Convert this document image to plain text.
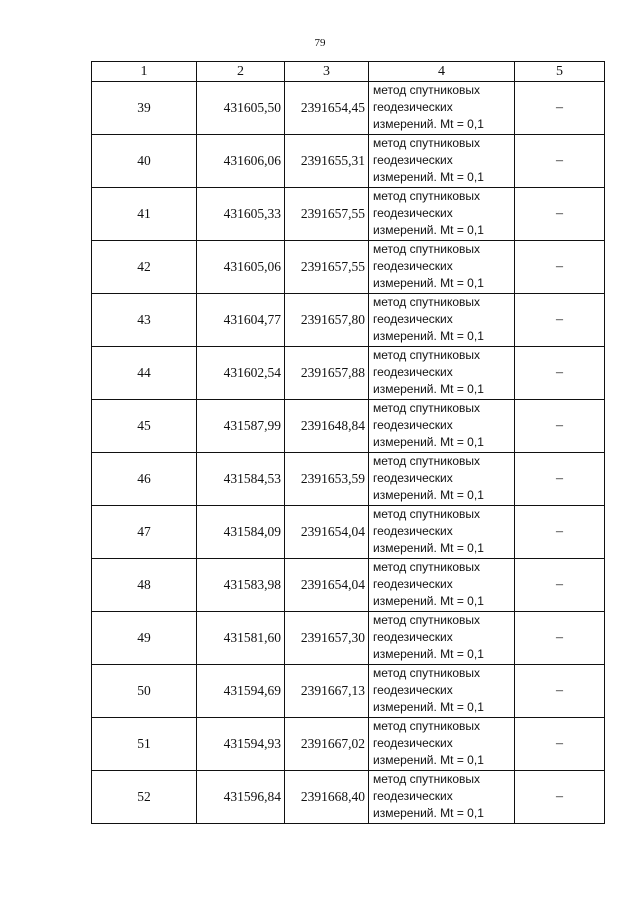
79
1	2	3	4	5
39	431605,50	2391654,45	метод спутниковых
геодезических
измерений. Mt = 0,1	–
40	431606,06	2391655,31	метод спутниковых
геодезических
измерений. Mt = 0,1	–
41	431605,33	2391657,55	метод спутниковых
геодезических
измерений. Mt = 0,1	–
42	431605,06	2391657,55	метод спутниковых
геодезических
измерений. Mt = 0,1	–
43	431604,77	2391657,80	метод спутниковых
геодезических
измерений. Mt = 0,1	–
44	431602,54	2391657,88	метод спутниковых
геодезических
измерений. Mt = 0,1	–
45	431587,99	2391648,84	метод спутниковых
геодезических
измерений. Mt = 0,1	–
46	431584,53	2391653,59	метод спутниковых
геодезических
измерений. Mt = 0,1	–
47	431584,09	2391654,04	метод спутниковых
геодезических
измерений. Mt = 0,1	–
48	431583,98	2391654,04	метод спутниковых
геодезических
измерений. Mt = 0,1	–
49	431581,60	2391657,30	метод спутниковых
геодезических
измерений. Mt = 0,1	–
50	431594,69	2391667,13	метод спутниковых
геодезических
измерений. Mt = 0,1	–
51	431594,93	2391667,02	метод спутниковых
геодезических
измерений. Mt = 0,1	–
52	431596,84	2391668,40	метод спутниковых
геодезических
измерений. Mt = 0,1	–
